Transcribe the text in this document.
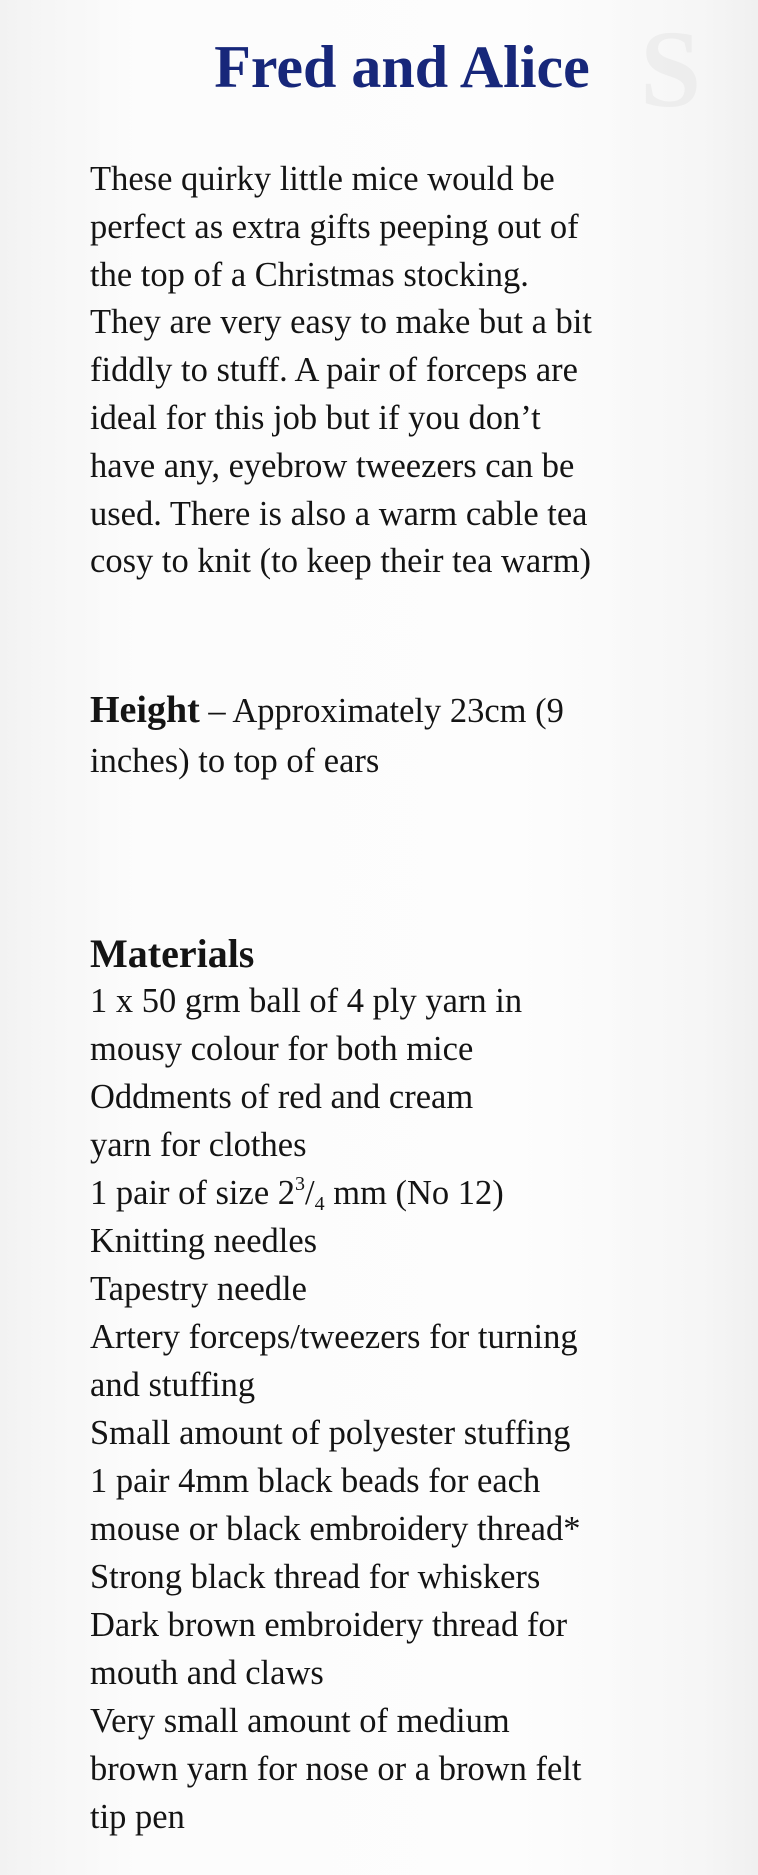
S
Fred and Alice

These quirky little mice would be
perfect as extra gifts peeping out of
the top of a Christmas stocking.
They are very easy to make but a bit
fiddly to stuff. A pair of forceps are
ideal for this job but if you don’t
have any, eyebrow tweezers can be
used. There is also a warm cable tea
cosy to knit (to keep their tea warm)

Height – Approximately 23cm (9
inches) to top of ears

Materials
1 x 50 grm ball of 4 ply yarn in
mousy colour for both mice
Oddments of red and cream
yarn for clothes
1 pair of size $2^3/_4$ mm (No 12)
Knitting needles
Tapestry needle
Artery forceps/tweezers for turning
and stuffing
Small amount of polyester stuffing
1 pair 4mm black beads for each
mouse or black embroidery thread*
Strong black thread for whiskers
Dark brown embroidery thread for
mouth and claws
Very small amount of medium
brown yarn for nose or a brown felt
tip pen
